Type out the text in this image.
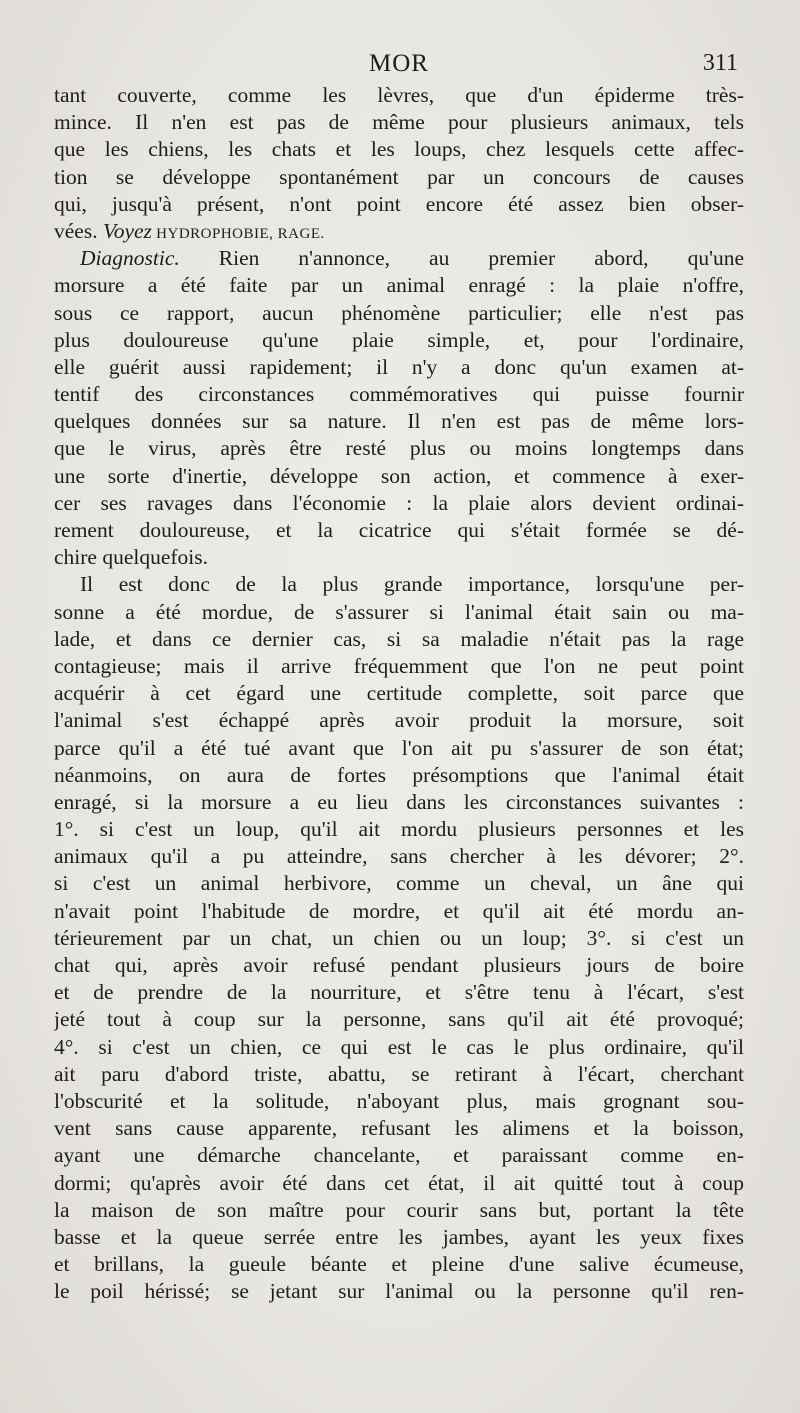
MOR	311
tant couverte, comme les lèvres, que d'un épiderme très-
mince. Il n'en est pas de même pour plusieurs animaux, tels
que les chiens, les chats et les loups, chez lesquels cette affec-
tion se développe spontanément par un concours de causes
qui, jusqu'à présent, n'ont point encore été assez bien obser-
vées. Voyez HYDROPHOBIE, RAGE.
Diagnostic. Rien n'annonce, au premier abord, qu'une
morsure a été faite par un animal enragé : la plaie n'offre,
sous ce rapport, aucun phénomène particulier; elle n'est pas
plus douloureuse qu'une plaie simple, et, pour l'ordinaire,
elle guérit aussi rapidement; il n'y a donc qu'un examen at-
tentif des circonstances commémoratives qui puisse fournir
quelques données sur sa nature. Il n'en est pas de même lors-
que le virus, après être resté plus ou moins longtemps dans
une sorte d'inertie, développe son action, et commence à exer-
cer ses ravages dans l'économie : la plaie alors devient ordinai-
rement douloureuse, et la cicatrice qui s'était formée se dé-
chire quelquefois.
Il est donc de la plus grande importance, lorsqu'une per-
sonne a été mordue, de s'assurer si l'animal était sain ou ma-
lade, et dans ce dernier cas, si sa maladie n'était pas la rage
contagieuse; mais il arrive fréquemment que l'on ne peut point
acquérir à cet égard une certitude complette, soit parce que
l'animal s'est échappé après avoir produit la morsure, soit
parce qu'il a été tué avant que l'on ait pu s'assurer de son état;
néanmoins, on aura de fortes présomptions que l'animal était
enragé, si la morsure a eu lieu dans les circonstances suivantes :
1°. si c'est un loup, qu'il ait mordu plusieurs personnes et les
animaux qu'il a pu atteindre, sans chercher à les dévorer; 2°.
si c'est un animal herbivore, comme un cheval, un âne qui
n'avait point l'habitude de mordre, et qu'il ait été mordu an-
térieurement par un chat, un chien ou un loup; 3°. si c'est un
chat qui, après avoir refusé pendant plusieurs jours de boire
et de prendre de la nourriture, et s'être tenu à l'écart, s'est
jeté tout à coup sur la personne, sans qu'il ait été provoqué;
4°. si c'est un chien, ce qui est le cas le plus ordinaire, qu'il
ait paru d'abord triste, abattu, se retirant à l'écart, cherchant
l'obscurité et la solitude, n'aboyant plus, mais grognant sou-
vent sans cause apparente, refusant les alimens et la boisson,
ayant une démarche chancelante, et paraissant comme en-
dormi; qu'après avoir été dans cet état, il ait quitté tout à coup
la maison de son maître pour courir sans but, portant la tête
basse et la queue serrée entre les jambes, ayant les yeux fixes
et brillans, la gueule béante et pleine d'une salive écumeuse,
le poil hérissé; se jetant sur l'animal ou la personne qu'il ren-
